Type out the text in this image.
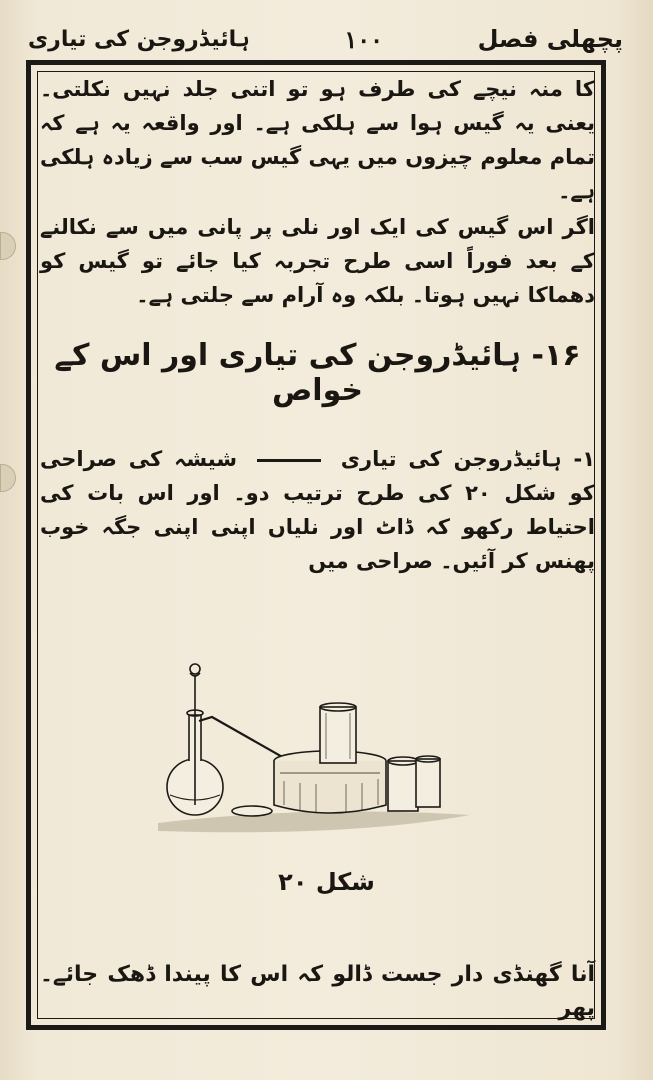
ہائیڈروجن کی تیاری	۱۰۰	پچھلی فصل

کا منہ نیچے کی طرف ہو تو اتنی جلد نہیں نکلتی۔ یعنی یہ گیس ہوا سے ہلکی ہے۔ اور واقعہ یہ ہے کہ تمام معلوم چیزوں میں یہی گیس سب سے زیادہ ہلکی ہے۔

اگر اس گیس کی ایک اور نلی پر پانی میں سے نکالنے کے بعد فوراً اسی طرح تجربہ کیا جائے تو گیس کو دھماکا نہیں ہوتا۔ بلکہ وہ آرام سے جلتی ہے۔

۱۶- ہائیڈروجن کی تیاری اور اس کے خواص

۱- ہائیڈروجن کی تیاری  شیشہ کی صراحی کو شکل ۲۰ کی طرح ترتیب دو۔ اور اس بات کی احتیاط رکھو کہ ڈاٹ اور نلیاں اپنی اپنی جگہ خوب پھنس کر آئیں۔ صراحی میں

شکل ۲۰
آنا گھنڈی دار جست ڈالو کہ اس کا پیندا ڈھک جائے۔ پھر
